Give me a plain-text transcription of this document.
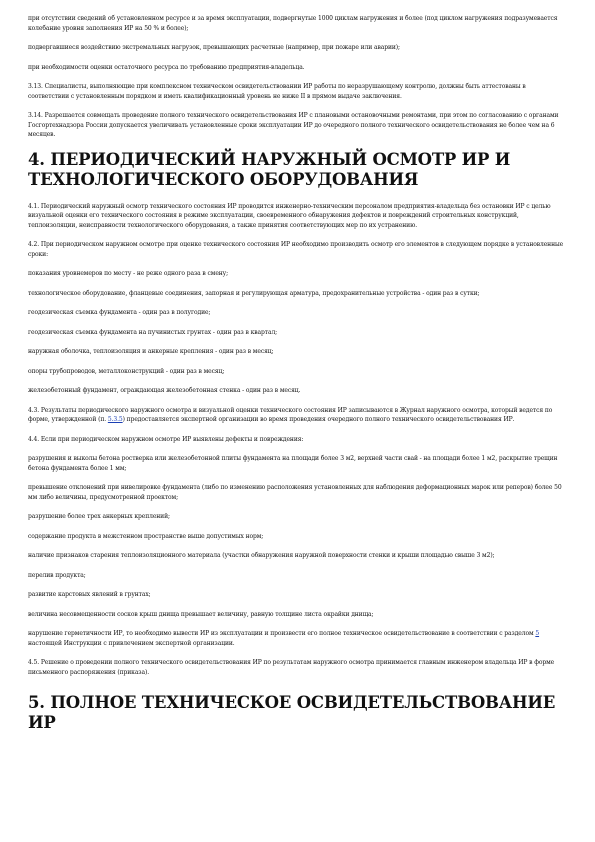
при отсутствии сведений об установленном ресурсе и за время эксплуатации, подвергнутые 1000 циклам нагружения и более (под циклом нагружения подразумевается колебание уровня заполнения ИР на 50 % и более);

подвергавшиеся воздействию экстремальных нагрузок, превышающих расчетные (например, при пожаре или аварии);

при необходимости оценки остаточного ресурса по требованию предприятия-владельца.

3.13. Специалисты, выполняющие при комплексном техническом освидетельствовании ИР работы по неразрушающему контролю, должны быть аттестованы в соответствии с установленным порядком и иметь квалификационный уровень не ниже II в прямом выдаче заключения.

3.14. Разрешается совмещать проведение полного технического освидетельствования ИР с плановыми остановочными ремонтами, при этом по согласованию с органами Госгортехнадзора России допускается увеличивать установленные сроки эксплуатации ИР до очередного полного технического освидетельствования не более чем на 6 месяцев.

4. ПЕРИОДИЧЕСКИЙ НАРУЖНЫЙ ОСМОТР ИР И ТЕХНОЛОГИЧЕСКОГО ОБОРУДОВАНИЯ

4.1. Периодический наружный осмотр технического состояния ИР проводится инженерно-техническим персоналом предприятия-владельца без остановки ИР с целью визуальной оценки его технического состояния в режиме эксплуатации, своевременного обнаружения дефектов и повреждений строительных конструкций, теплоизоляции, неисправности технологического оборудования, а также принятия соответствующих мер по их устранению.

4.2. При периодическом наружном осмотре при оценке технического состояния ИР необходимо производить осмотр его элементов в следующем порядке в установленные сроки:

показания уровнемеров по месту - не реже одного раза в смену;

технологическое оборудование, фланцевые соединения, запорная и регулирующая арматура, предохранительные устройства - один раз в сутки;

геодезическая съемка фундамента - один раз в полугодие;

геодезическая съемка фундамента на пучинистых грунтах - один раз в квартал;

наружная оболочка, теплоизоляция и анкерные крепления - один раз в месяц;

опоры трубопроводов, металлоконструкций - один раз в месяц;

железобетонный фундамент, ограждающая железобетонная стенка - один раз в месяц.

4.3. Результаты периодического наружного осмотра и визуальной оценки технического состояния ИР записываются в Журнал наружного осмотра, который ведется по форме, утвержденной (п. 5.3.5) предоставляется экспертной организации во время проведения очередного полного технического освидетельствования ИР.

4.4. Если при периодическом наружном осмотре ИР выявлены дефекты и повреждения:

разрушения и выколы бетона ростверка или железобетонной плиты фундамента на площади более 3 м2, верхней части свай - на площади более 1 м2, раскрытие трещин бетона фундамента более 1 мм;

превышение отклонений при нивелировке фундамента (либо по изменению расположения установленных для наблюдения деформационных марок или реперов) более 50 мм либо величины, предусмотренной проектом;

разрушение более трех анкерных креплений;

содержание продукта в межстенном пространстве выше допустимых норм;

наличие признаков старения теплоизоляционного материала (участки обнаружения наружной поверхности стенки и крыши площадью свыше 3 м2);

перелив продукта;

развитие карстовых явлений в грунтах;

величина несовмещенности сосков крыш днища превышает величину, равную толщине листа окрайки днища;

нарушение герметичности ИР, то необходимо вывести ИР из эксплуатации и произвести его полное техническое освидетельствование в соответствии с разделом 5 настоящей Инструкции с привлечением экспертной организации.

4.5. Решение о проведении полного технического освидетельствования ИР по результатам наружного осмотра принимается главным инженером владельца ИР в форме письменного распоряжения (приказа).

5. ПОЛНОЕ ТЕХНИЧЕСКОЕ ОСВИДЕТЕЛЬСТВОВАНИЕ ИР
